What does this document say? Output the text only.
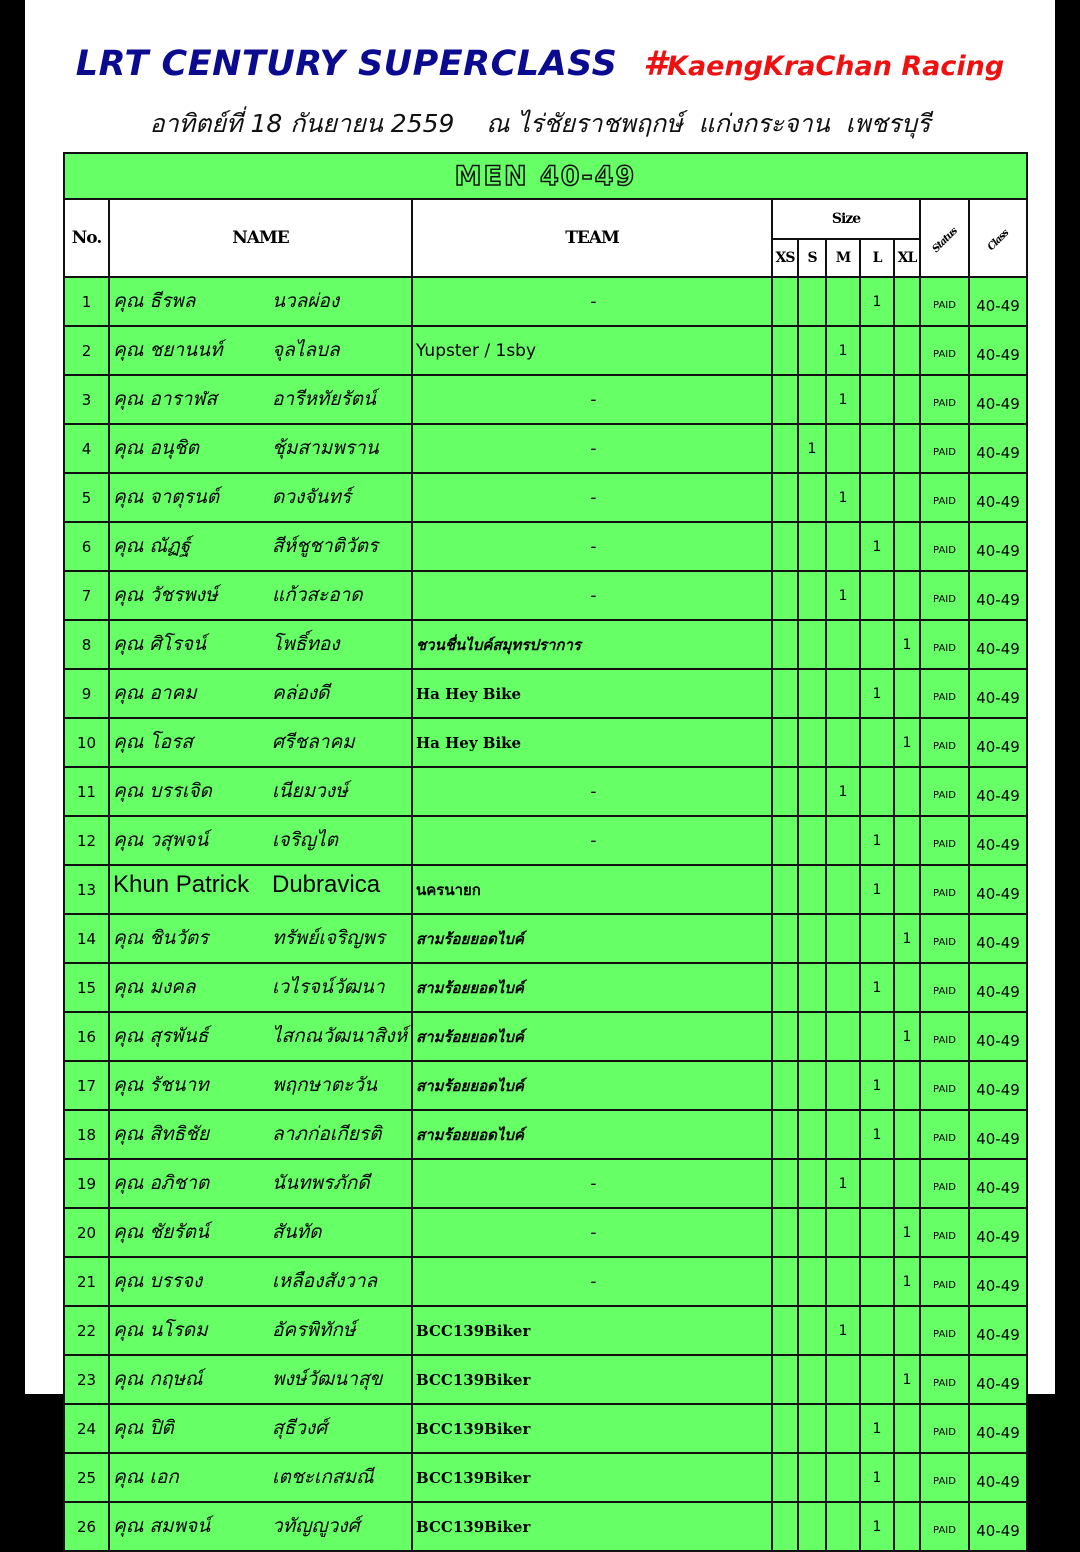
LRT CENTURY SUPERCLASS #KaengKraChan Racing
อาทิตย์ที่ 18 กันยายน 2559    ณ ไร่ชัยราชพฤกษ์  แก่งกระจาน  เพชรบุรี
MEN 40-49									
No.	NAME	TEAM	Size					Status	Class
			XS	S	M	L	XL		
1	คุณ ธีรพล นวลผ่อง	-				1		PAID	40-49
2	คุณ ชยานนท์ จุลไลบล	Yupster / 1sby			1			PAID	40-49
3	คุณ อาราฬส อารีหทัยรัตน์	-			1			PAID	40-49
4	คุณ อนุชิต ชุ้มสามพราน	-		1				PAID	40-49
5	คุณ จาตุรนต์ ดวงจันทร์	-			1			PAID	40-49
6	คุณ ณัฏฐ์ สีห์ชูชาติวัตร	-				1		PAID	40-49
7	คุณ วัชรพงษ์ แก้วสะอาด	-			1			PAID	40-49
8	คุณ ศิโรจน์ โพธิ์ทอง	ชวนชื่นไบค์สมุทรปราการ					1	PAID	40-49
9	คุณ อาคม คล่องดี	Ha Hey Bike				1		PAID	40-49
10	คุณ โอรส ศรีชลาคม	Ha Hey Bike					1	PAID	40-49
11	คุณ บรรเจิด เนียมวงษ์	-			1			PAID	40-49
12	คุณ วสุพจน์ เจริญไต	-				1		PAID	40-49
13	Khun Patrick Dubravica	นครนายก				1		PAID	40-49
14	คุณ ชินวัตร ทรัพย์เจริญพร	สามร้อยยอดไบค์					1	PAID	40-49
15	คุณ มงคล เวไรจน์วัฒนา	สามร้อยยอดไบค์				1		PAID	40-49
16	คุณ สุรพันธ์ ไสกณวัฒนาสิงห์	สามร้อยยอดไบค์					1	PAID	40-49
17	คุณ รัชนาท พฤกษาตะวัน	สามร้อยยอดไบค์				1		PAID	40-49
18	คุณ สิทธิชัย ลาภก่อเกียรติ	สามร้อยยอดไบค์				1		PAID	40-49
19	คุณ อภิชาต นันทพรภักดี	-			1			PAID	40-49
20	คุณ ชัยรัตน์ สันทัด	-					1	PAID	40-49
21	คุณ บรรจง เหลืองสังวาล	-					1	PAID	40-49
22	คุณ นโรดม อัครพิทักษ์	BCC139Biker			1			PAID	40-49
23	คุณ กฤษณ์ พงษ์วัฒนาสุข	BCC139Biker					1	PAID	40-49
24	คุณ ปิติ สุธีวงศ์	BCC139Biker				1		PAID	40-49
25	คุณ เอก เตชะเกสมณี	BCC139Biker				1		PAID	40-49
26	คุณ สมพจน์ วทัญญูวงศ์	BCC139Biker				1		PAID	40-49
